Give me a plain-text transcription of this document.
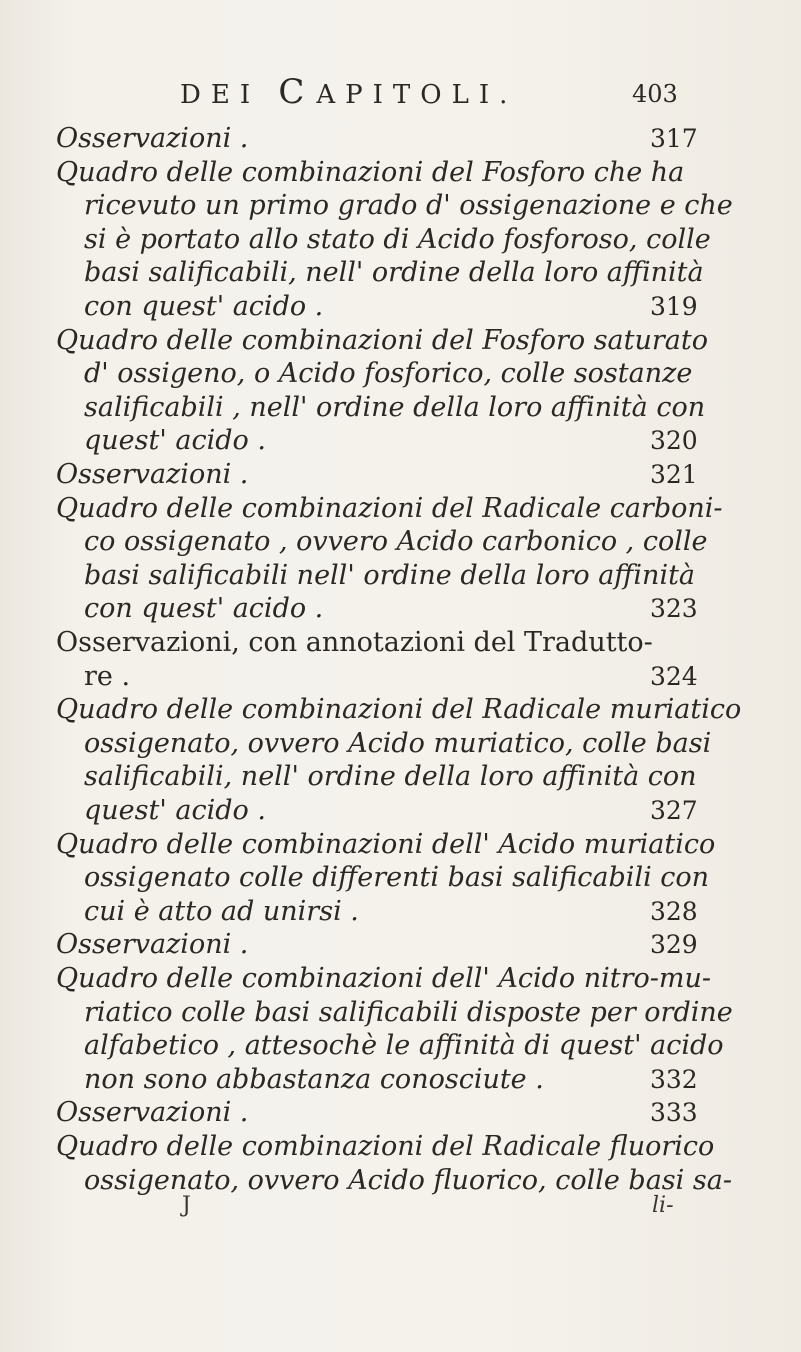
DEI CAPITOLI.	403
Osservazioni .	317
Quadro delle combinazioni del Fosforo che ha
ricevuto un primo grado d' ossigenazione e che
si è portato allo stato di Acido fosforoso, colle
basi salificabili, nell' ordine della loro affinità
con quest' acido .	319
Quadro delle combinazioni del Fosforo saturato
d' ossigeno, o Acido fosforico, colle sostanze
salificabili , nell' ordine della loro affinità con
quest' acido .	320
Osservazioni .	321
Quadro delle combinazioni del Radicale carboni-
co ossigenato , ovvero Acido carbonico , colle
basi salificabili nell' ordine della loro affinità
con quest' acido .	323
Osservazioni, con annotazioni del Tradutto-
re .	324
Quadro delle combinazioni del Radicale muriatico
ossigenato, ovvero Acido muriatico, colle basi
salificabili, nell' ordine della loro affinità con
quest' acido .	327
Quadro delle combinazioni dell' Acido muriatico
ossigenato colle differenti basi salificabili con
cui è atto ad unirsi .	328
Osservazioni .	329
Quadro delle combinazioni dell' Acido nitro-mu-
riatico colle basi salificabili disposte per ordine
alfabetico , attesochè le affinità di quest' acido
non sono abbastanza conosciute .	332
Osservazioni .	333
Quadro delle combinazioni del Radicale fluorico
ossigenato, ovvero Acido fluorico, colle basi sa-
J	li-
